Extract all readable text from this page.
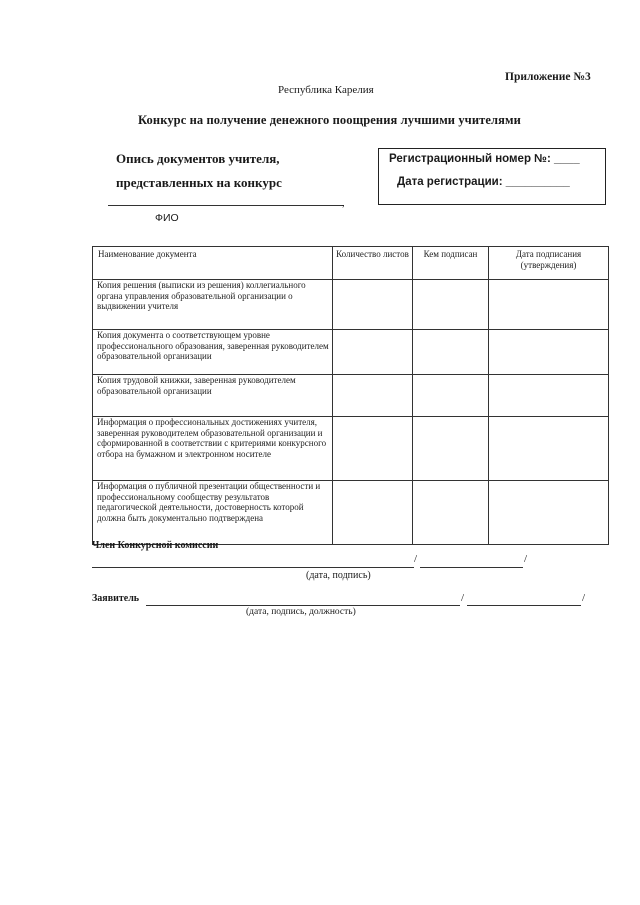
Приложение №3
Республика Карелия
Конкурс на получение денежного поощрения лучшими учителями
Опись документов учителя,
представленных на конкурс
Регистрационный номер №: ____
Дата регистрации: __________
,
ФИО
Наименование документа	Количество листов	Кем подписан	Дата подписания (утверждения)
Копия решения (выписки из решения) коллегиального органа управления образовательной организации о выдвижении учителя			
Копия документа о соответствующем уровне профессионального образования, заверенная руководителем образовательной организации			
Копия трудовой книжки, заверенная руководителем образовательной организации			
Информация о профессиональных достижениях учителя, заверенная руководителем образовательной организации и сформированной в соответствии с критериями конкурсного отбора на бумажном и электронном носителе			
Информация о публичной презентации общественности и профессиональному сообществу результатов педагогической деятельности, достоверность которой должна быть документально подтверждена			
Член Конкурсной комиссии
/	/
(дата, подпись)
Заявитель	/	/
(дата, подпись, должность)
